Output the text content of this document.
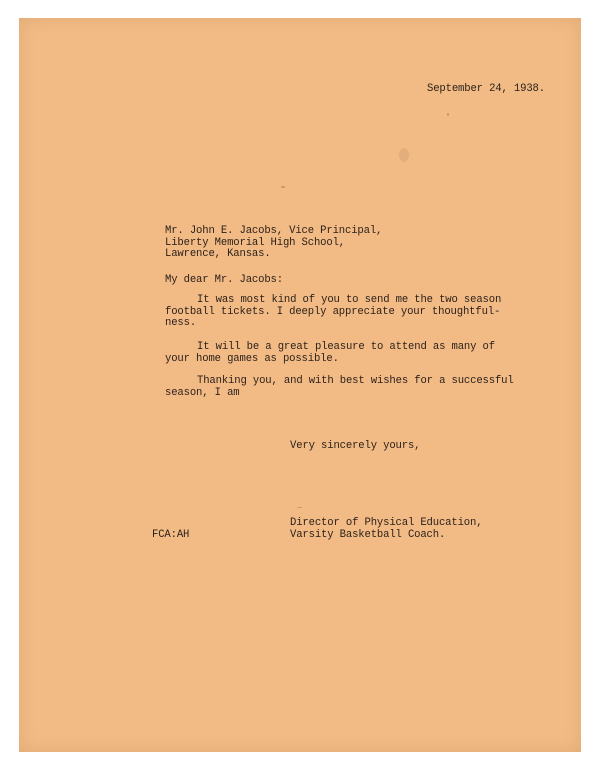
September 24, 1938.
Mr. John E. Jacobs, Vice Principal,
Liberty Memorial High School,
Lawrence, Kansas.
My dear Mr. Jacobs:
It was most kind of you to send me the two season
football tickets. I deeply appreciate your thoughtful-
ness.
It will be a great pleasure to attend as many of
your home games as possible.
Thanking you, and with best wishes for a successful
season, I am
Very sincerely yours,
Director of Physical Education,
Varsity Basketball Coach.
FCA:AH
